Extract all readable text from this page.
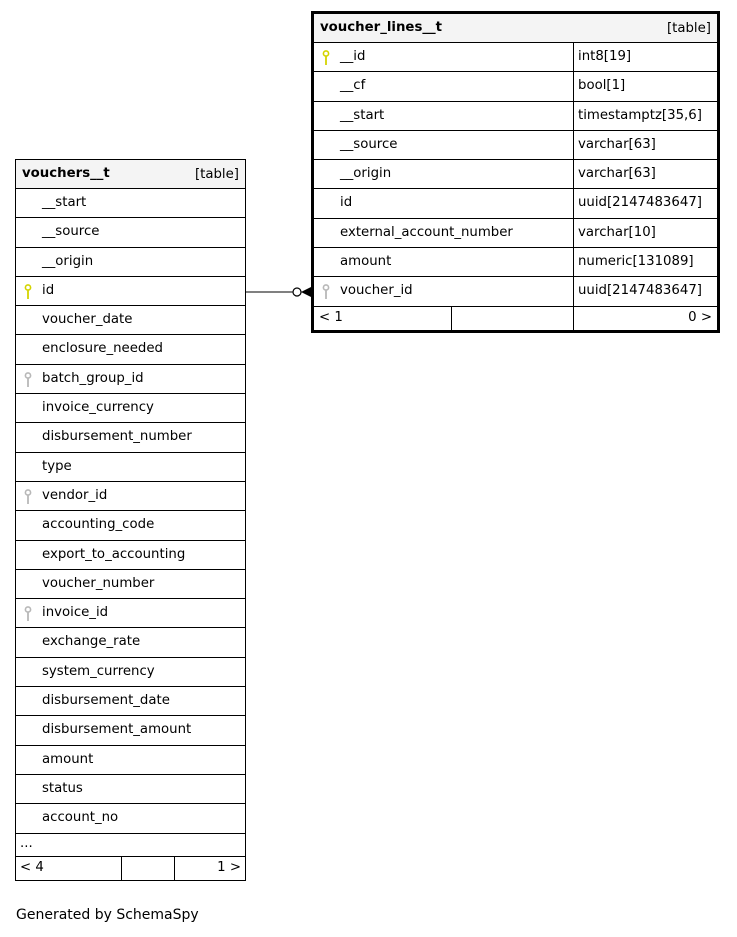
voucher_lines__t	[table]
__id	int8[19]
__cf	bool[1]
__start	timestamptz[35,6]
__source	varchar[63]
__origin	varchar[63]
id	uuid[2147483647]
external_account_number	varchar[10]
amount	numeric[131089]
voucher_id	uuid[2147483647]
< 1	0 >
vouchers__t	[table]
__start
__source
__origin
id
voucher_date
enclosure_needed
batch_group_id
invoice_currency
disbursement_number
type
vendor_id
accounting_code
export_to_accounting
voucher_number
invoice_id
exchange_rate
system_currency
disbursement_date
disbursement_amount
amount
status
account_no
...
< 4	1 >
Generated by SchemaSpy
